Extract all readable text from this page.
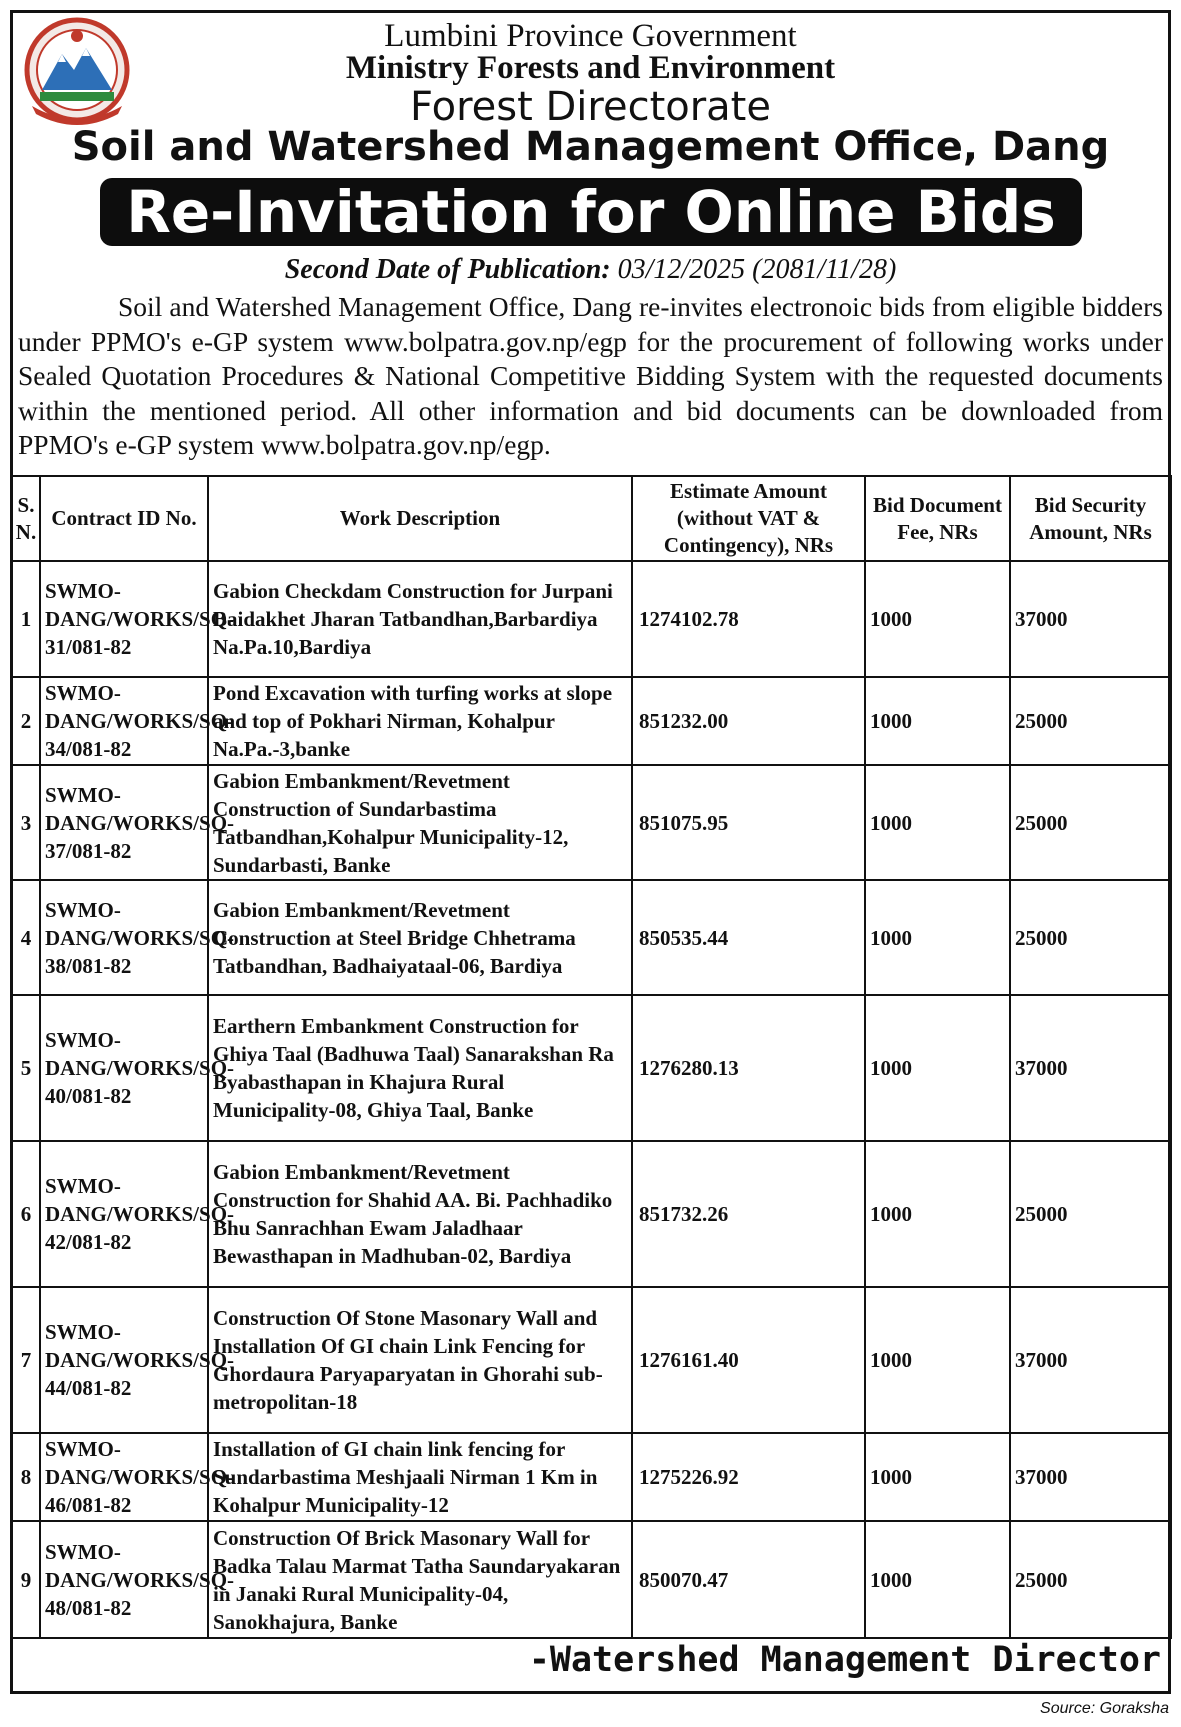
Lumbini Province Government
Ministry Forests and Environment
Forest Directorate
Soil and Watershed Management Office, Dang
Re-Invitation for Online Bids
Second Date of Publication: 03/12/2025 (2081/11/28)
Soil and Watershed Management Office, Dang re-invites electronoic bids from eligible bidders under PPMO's e-GP system www.bolpatra.gov.np/egp for the procurement of following works under Sealed Quotation Procedures & National Competitive Bidding System with the requested documents within the mentioned period. All other information and bid documents can be downloaded from PPMO's e-GP system www.bolpatra.gov.np/egp.
S. N.	Contract ID No.	Work Description	Estimate Amount (without VAT & Contingency), NRs	Bid Document Fee, NRs	Bid Security Amount, NRs
1	SWMO-DANG/WORKS/SQ-31/081-82	Gabion Checkdam Construction for Jurpani Baidakhet Jharan Tatbandhan,Barbardiya Na.Pa.10,Bardiya	1274102.78	1000	37000
2	SWMO-DANG/WORKS/SQ-34/081-82	Pond Excavation with turfing works at slope and top of Pokhari Nirman, Kohalpur Na.Pa.-3,banke	851232.00	1000	25000
3	SWMO-DANG/WORKS/SQ-37/081-82	Gabion Embankment/Revetment Construction of Sundarbastima Tatbandhan,Kohalpur Municipality-12, Sundarbasti, Banke	851075.95	1000	25000
4	SWMO-DANG/WORKS/SQ-38/081-82	Gabion Embankment/Revetment Construction at Steel Bridge Chhetrama Tatbandhan, Badhaiyataal-06, Bardiya	850535.44	1000	25000
5	SWMO-DANG/WORKS/SQ-40/081-82	Earthern Embankment Construction for Ghiya Taal (Badhuwa Taal) Sanarakshan Ra Byabasthapan in Khajura Rural Municipality-08, Ghiya Taal, Banke	1276280.13	1000	37000
6	SWMO-DANG/WORKS/SQ-42/081-82	Gabion Embankment/Revetment Construction for Shahid AA. Bi. Pachhadiko Bhu Sanrachhan Ewam Jaladhaar Bewasthapan in Madhuban-02, Bardiya	851732.26	1000	25000
7	SWMO-DANG/WORKS/SQ-44/081-82	Construction Of Stone Masonary Wall and Installation Of GI chain Link Fencing for Ghordaura Paryaparyatan in Ghorahi sub-metropolitan-18	1276161.40	1000	37000
8	SWMO-DANG/WORKS/SQ-46/081-82	Installation of GI chain link fencing for Sundarbastima Meshjaali Nirman 1 Km in Kohalpur Municipality-12	1275226.92	1000	37000
9	SWMO-DANG/WORKS/SQ-48/081-82	Construction Of Brick Masonary Wall for Badka Talau Marmat Tatha Saundaryakaran in Janaki Rural Municipality-04, Sanokhajura, Banke	850070.47	1000	25000
-Watershed Management Director
Source: Goraksha
